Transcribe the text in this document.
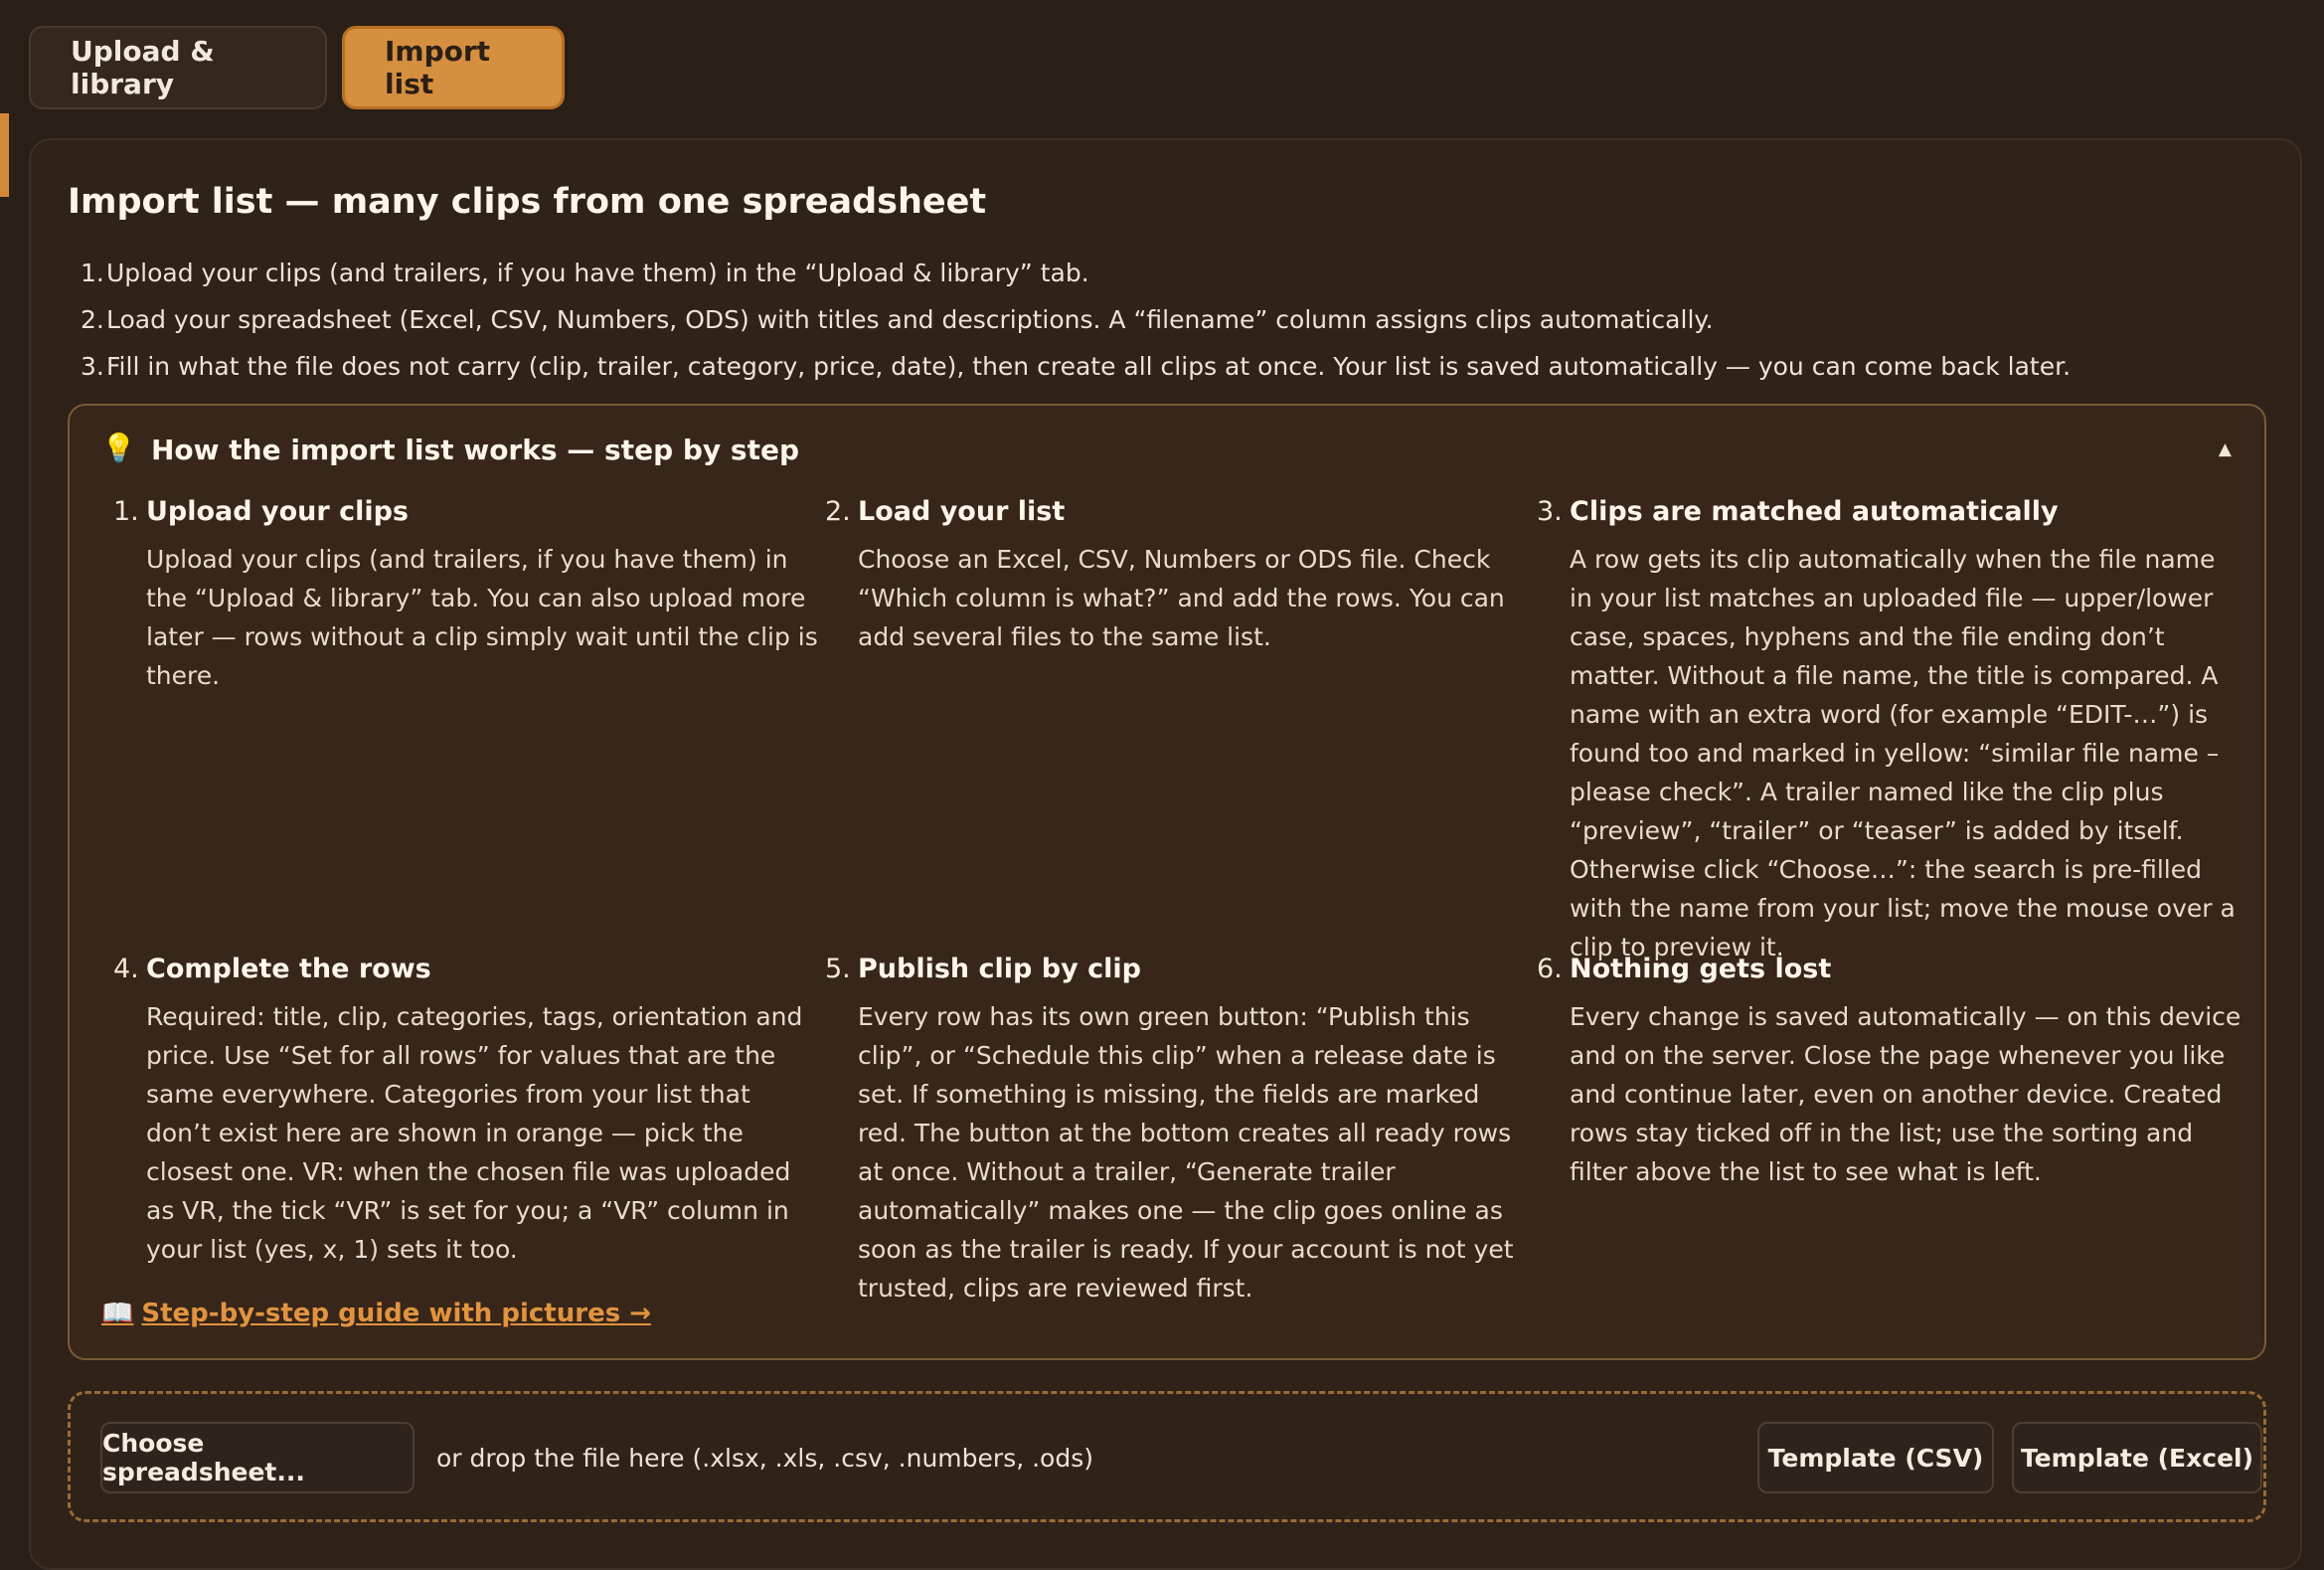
Upload & library
Import list
Import list — many clips from one spreadsheet
1.Upload your clips (and trailers, if you have them) in the “Upload & library” tab.
2.Load your spreadsheet (Excel, CSV, Numbers, ODS) with titles and descriptions. A “filename” column assigns clips automatically.
3.Fill in what the file does not carry (clip, trailer, category, price, date), then create all clips at once. Your list is saved automatically — you can come back later.
💡 How the import list works — step by step	▲
1. Upload your clips
Upload your clips (and trailers, if you have them) in the “Upload & library” tab. You can also upload more later — rows without a clip simply wait until the clip is there.
2. Load your list
Choose an Excel, CSV, Numbers or ODS file. Check “Which column is what?” and add the rows. You can add several files to the same list.
3. Clips are matched automatically
A row gets its clip automatically when the file name in your list matches an uploaded file — upper/lower case, spaces, hyphens and the file ending don’t matter. Without a file name, the title is compared. A name with an extra word (for example “EDIT-…”) is found too and marked in yellow: “similar file name – please check”. A trailer named like the clip plus “preview”, “trailer” or “teaser” is added by itself. Otherwise click “Choose…”: the search is pre-filled with the name from your list; move the mouse over a clip to preview it.
4. Complete the rows
Required: title, clip, categories, tags, orientation and price. Use “Set for all rows” for values that are the same everywhere. Categories from your list that don’t exist here are shown in orange — pick the closest one. VR: when the chosen file was uploaded as VR, the tick “VR” is set for you; a “VR” column in your list (yes, x, 1) sets it too.
5. Publish clip by clip
Every row has its own green button: “Publish this clip”, or “Schedule this clip” when a release date is set. If something is missing, the fields are marked red. The button at the bottom creates all ready rows at once. Without a trailer, “Generate trailer automatically” makes one — the clip goes online as soon as the trailer is ready. If your account is not yet trusted, clips are reviewed first.
6. Nothing gets lost
Every change is saved automatically — on this device and on the server. Close the page whenever you like and continue later, even on another device. Created rows stay ticked off in the list; use the sorting and filter above the list to see what is left.
📖 Step-by-step guide with pictures →
Choose spreadsheet...	or drop the file here (.xlsx, .xls, .csv, .numbers, .ods)	Template (CSV)	Template (Excel)
